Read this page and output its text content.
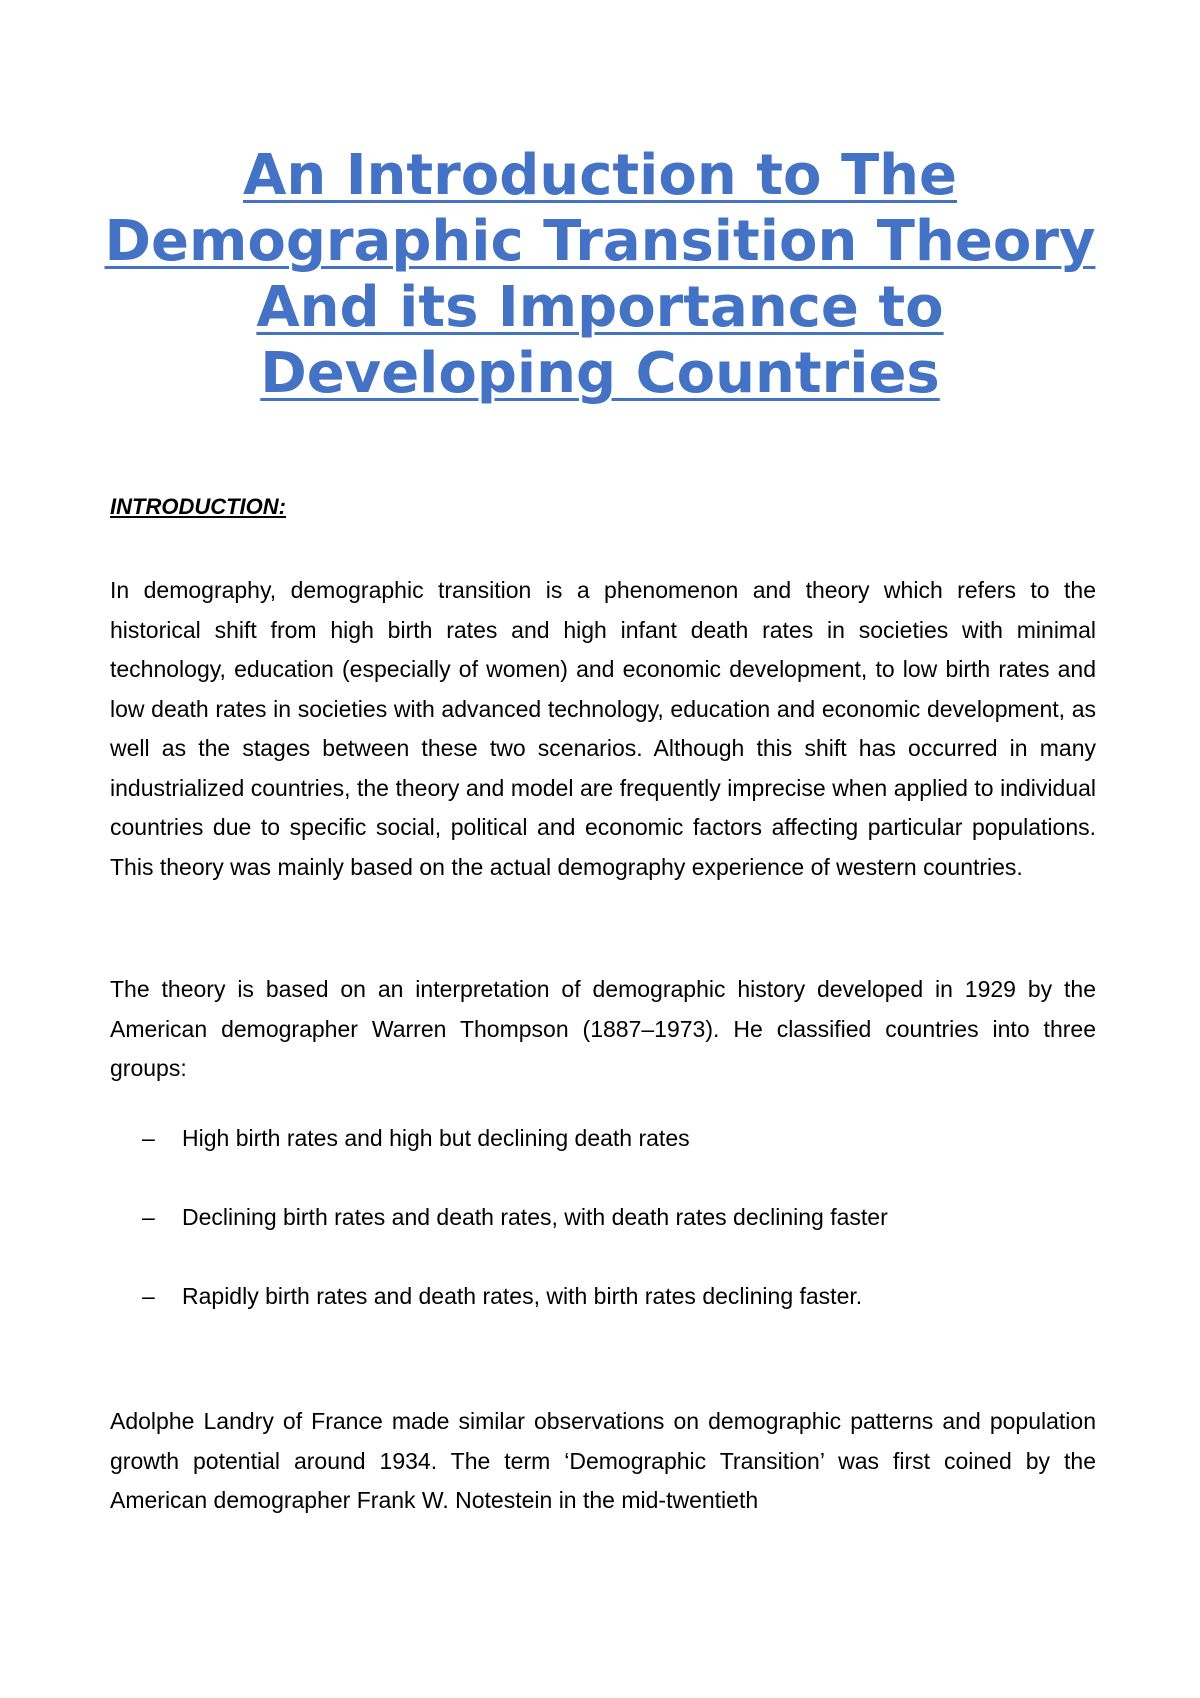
An Introduction to The
Demographic Transition Theory
And its Importance to
Developing Countries
INTRODUCTION:

In demography, demographic transition is a phenomenon and theory which refers to the historical shift from high birth rates and high infant death rates in societies with minimal technology, education (especially of women) and economic development, to low birth rates and low death rates in societies with advanced technology, education and economic development, as well as the stages between these two scenarios. Although this shift has occurred in many industrialized countries, the theory and model are frequently imprecise when applied to individual countries due to specific social, political and economic factors affecting particular populations. This theory was mainly based on the actual demography experience of western countries.

The theory is based on an interpretation of demographic history developed in 1929 by the American demographer Warren Thompson (1887–1973). He classified countries into three groups:

–	High birth rates and high but declining death rates
–	Declining birth rates and death rates, with death rates declining faster
–	Rapidly birth rates and death rates, with birth rates declining faster.

Adolphe Landry of France made similar observations on demographic patterns and population growth potential around 1934. The term ‘Demographic Transition’ was first coined by the American demographer Frank W. Notestein in the mid-twentieth
